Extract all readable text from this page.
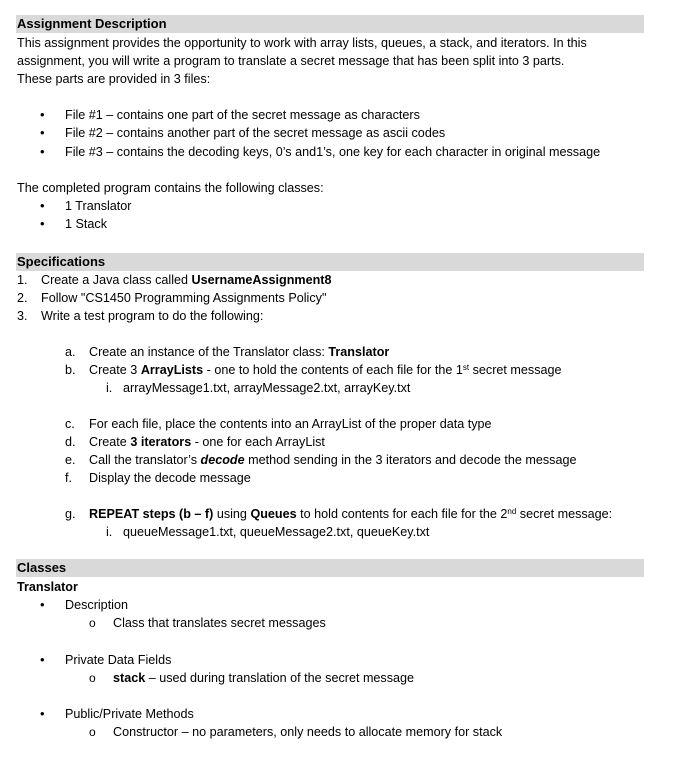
Assignment Description
This assignment provides the opportunity to work with array lists, queues, a stack, and iterators. In this
assignment, you will write a program to translate a secret message that has been split into 3 parts.
These parts are provided in 3 files:
• File #1 – contains one part of the secret message as characters
• File #2 – contains another part of the secret message as ascii codes
• File #3 – contains the decoding keys, 0’s and1’s, one key for each character in original message
The completed program contains the following classes:
• 1 Translator
• 1 Stack
Specifications
1. Create a Java class called UsernameAssignment8
2. Follow "CS1450 Programming Assignments Policy"
3. Write a test program to do the following:
a. Create an instance of the Translator class: Translator
b. Create 3 ArrayLists - one to hold the contents of each file for the 1st secret message
i. arrayMessage1.txt, arrayMessage2.txt, arrayKey.txt
c. For each file, place the contents into an ArrayList of the proper data type
d. Create 3 iterators - one for each ArrayList
e. Call the translator’s decode method sending in the 3 iterators and decode the message
f. Display the decode message
g. REPEAT steps (b – f) using Queues to hold contents for each file for the 2nd secret message:
i. queueMessage1.txt, queueMessage2.txt, queueKey.txt
Classes
Translator
• Description
o Class that translates secret messages
• Private Data Fields
o stack – used during translation of the secret message
• Public/Private Methods
o Constructor – no parameters, only needs to allocate memory for stack
